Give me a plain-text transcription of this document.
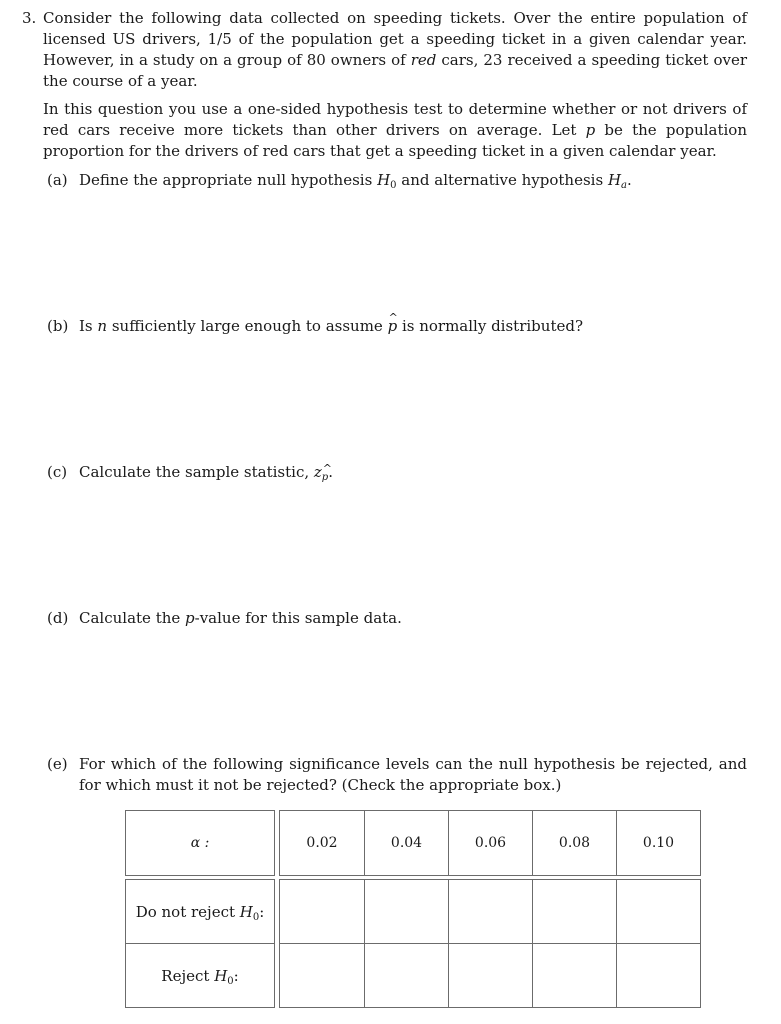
3. Consider the following data collected on speeding tickets. Over the entire population of licensed US drivers, 1/5 of the population get a speeding ticket in a given calendar year. However, in a study on a group of 80 owners of red cars, 23 received a speeding ticket over the course of a year.

In this question you use a one-sided hypothesis test to determine whether or not drivers of red cars receive more tickets than other drivers on average. Let p be the population proportion for the drivers of red cars that get a speeding ticket in a given calendar year.

(a) Define the appropriate null hypothesis $H_0$ and alternative hypothesis $H_a$.
(b) Is n sufficiently large enough to assume ^ p is normally distributed?
(c) Calculate the sample statistic, $z_p$.
(d) Calculate the p-value for this sample data.
(e) For which of the following significance levels can the null hypothesis be rejected, and for which must it not be rejected? (Check the appropriate box.)
α :	0.02	0.04	0.06	0.08	0.10
Do not reject $H_0$:
Reject $H_0$:
